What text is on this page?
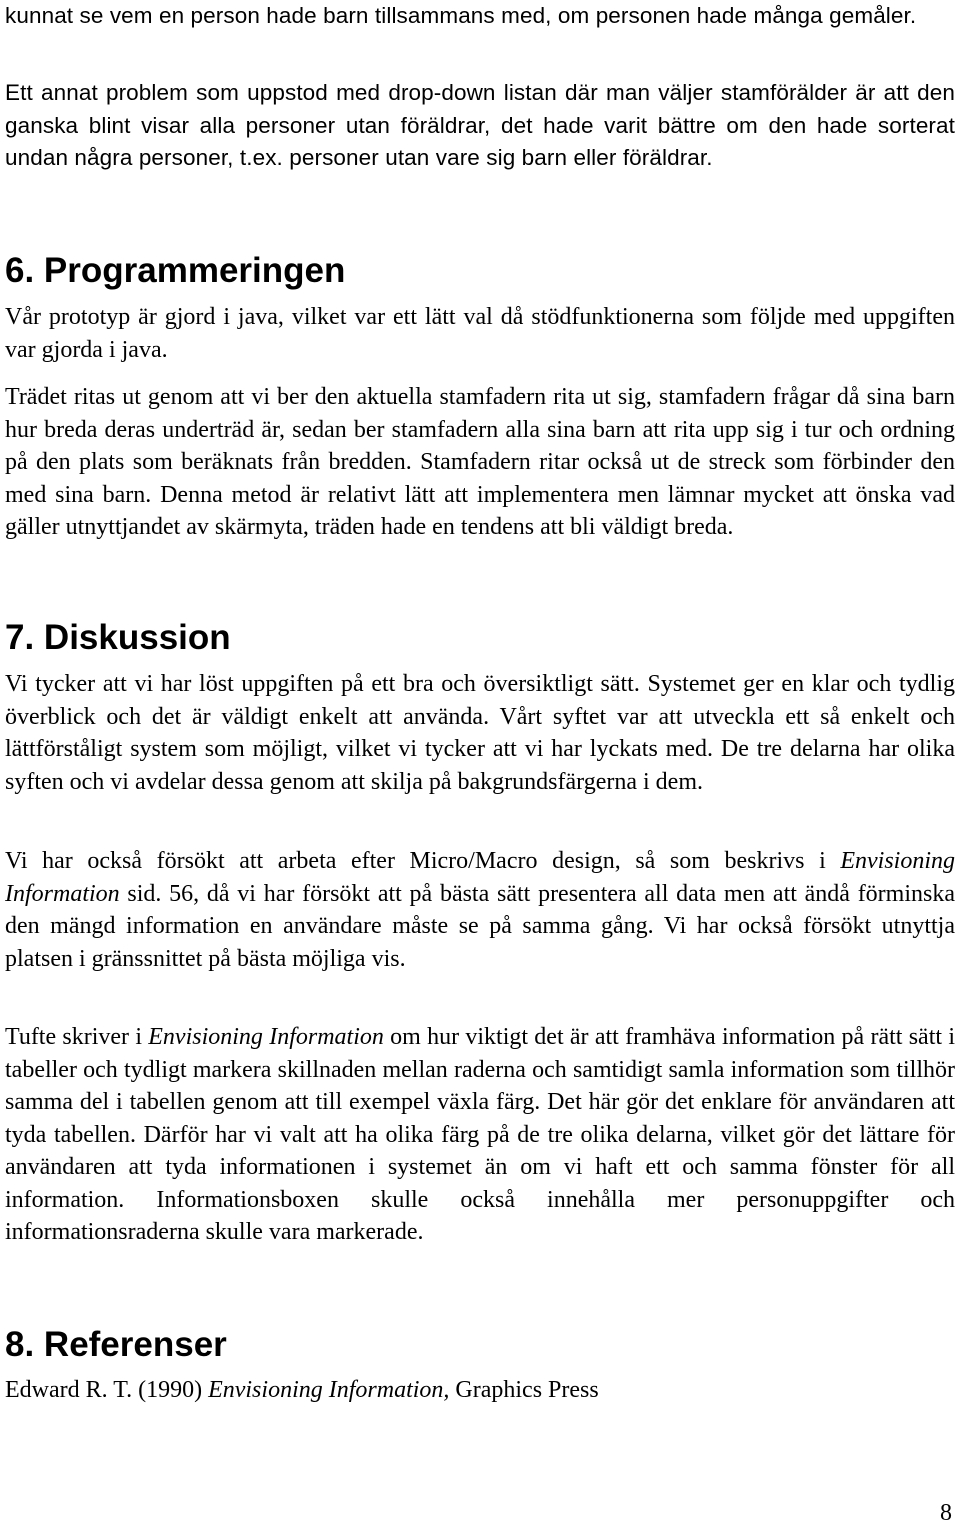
kunnat se vem en person hade barn tillsammans med, om personen hade många gemåler.

Ett annat problem som uppstod med drop-down listan där man väljer stamförälder är att den ganska blint visar alla personer utan föräldrar, det hade varit bättre om den hade sorterat undan några personer, t.ex. personer utan vare sig barn eller föräldrar.

6. Programmeringen

Vår prototyp är gjord i java, vilket var ett lätt val då stödfunktionerna som följde med uppgiften var gjorda i java.

Trädet ritas ut genom att vi ber den aktuella stamfadern rita ut sig, stamfadern frågar då sina barn hur breda deras underträd är, sedan ber stamfadern alla sina barn att rita upp sig i tur och ordning på den plats som beräknats från bredden. Stamfadern ritar också ut de streck som förbinder den med sina barn. Denna metod är relativt lätt att implementera men lämnar mycket att önska vad gäller utnyttjandet av skärmyta, träden hade en tendens att bli väldigt breda.

7. Diskussion

Vi tycker att vi har löst uppgiften på ett bra och översiktligt sätt. Systemet ger en klar och tydlig överblick och det är väldigt enkelt att använda. Vårt syftet var att utveckla ett så enkelt och lättförståligt system som möjligt, vilket vi tycker att vi har lyckats med. De tre delarna har olika syften och vi avdelar dessa genom att skilja på bakgrundsfärgerna i dem.

Vi har också försökt att arbeta efter Micro/Macro design, så som beskrivs i Envisioning Information sid. 56, då vi har försökt att på bästa sätt presentera all data men att ändå förminska den mängd information en användare måste se på samma gång. Vi har också försökt utnyttja platsen i gränssnittet på bästa möjliga vis.

Tufte skriver i Envisioning Information om hur viktigt det är att framhäva information på rätt sätt i tabeller och tydligt markera skillnaden mellan raderna och samtidigt samla information som tillhör samma del i tabellen genom att till exempel växla färg. Det här gör det enklare för användaren att tyda tabellen. Därför har vi valt att ha olika färg på de tre olika delarna, vilket gör det lättare för användaren att tyda informationen i systemet än om vi haft ett och samma fönster för all information. Informationsboxen skulle också innehålla mer personuppgifter och informationsraderna skulle vara markerade.

8. Referenser

Edward R. T. (1990) Envisioning Information, Graphics Press

8
